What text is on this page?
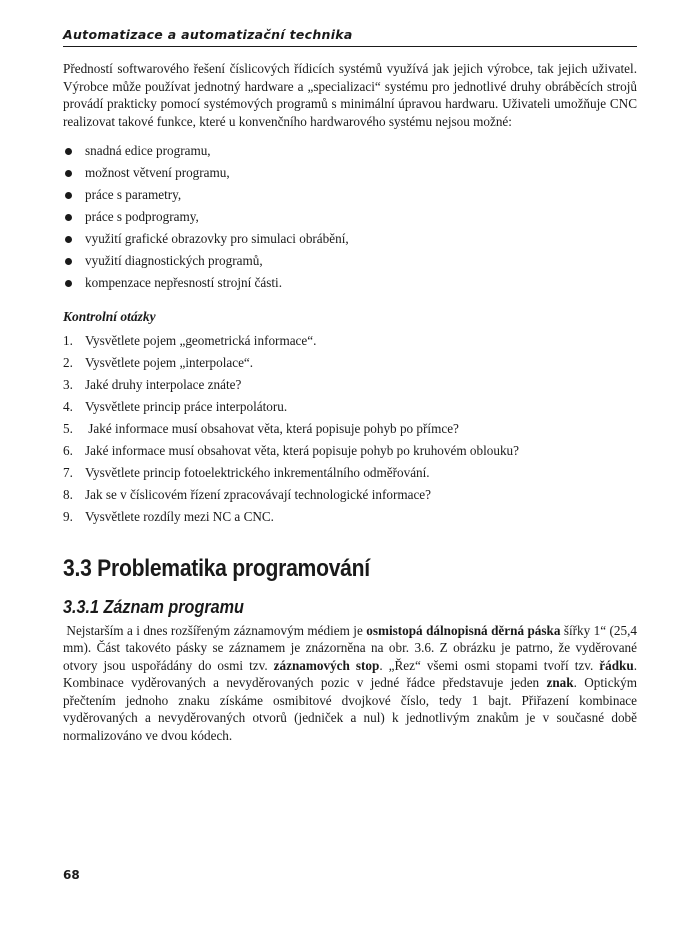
Automatizace a automatizační technika

Předností softwarového řešení číslicových řídicích systémů využívá jak jejich výrobce, tak jejich uživatel. Výrobce může používat jednotný hardware a „specializaci“ systému pro jednotlivé druhy obráběcích strojů provádí prakticky pomocí systémových programů s minimální úpravou hardwaru. Uživateli umožňuje CNC realizovat takové funkce, které u konvenčního hardwarového systému nejsou možné:

snadná edice programu,
možnost větvení programu,
práce s parametry,
práce s podprogramy,
využití grafické obrazovky pro simulaci obrábění,
využití diagnostických programů,
kompenzace nepřesností strojní části.
Kontrolní otázky
1. Vysvětlete pojem „geometrická informace“.
2. Vysvětlete pojem „interpolace“.
3. Jaké druhy interpolace znáte?
4. Vysvětlete princip práce interpolátoru.
5. Jaké informace musí obsahovat věta, která popisuje pohyb po přímce?
6. Jaké informace musí obsahovat věta, která popisuje pohyb po kruhovém oblouku?
7. Vysvětlete princip fotoelektrického inkrementálního odměřování.
8. Jak se v číslicovém řízení zpracovávají technologické informace?
9. Vysvětlete rozdíly mezi NC a CNC.
3.3 Problematika programování
3.3.1 Záznam programu

Nejstarším a i dnes rozšířeným záznamovým médiem je osmistopá dálnopisná děrná páska šířky 1“ (25,4 mm). Část takovéto pásky se záznamem je znázorněna na obr. 3.6. Z obrázku je patrno, že vyděrované otvory jsou uspořádány do osmi tzv. záznamových stop. „Řez“ všemi osmi stopami tvoří tzv. řádku. Kombinace vyděrovaných a nevyděrovaných pozic v jedné řádce představuje jeden znak. Optickým přečtením jednoho znaku získáme osmibitové dvojkové číslo, tedy 1 bajt. Přiřazení kombinace vyděrovaných a nevyděrovaných otvorů (jedniček a nul) k jednotlivým znakům je v současné době normalizováno ve dvou kódech.

68
